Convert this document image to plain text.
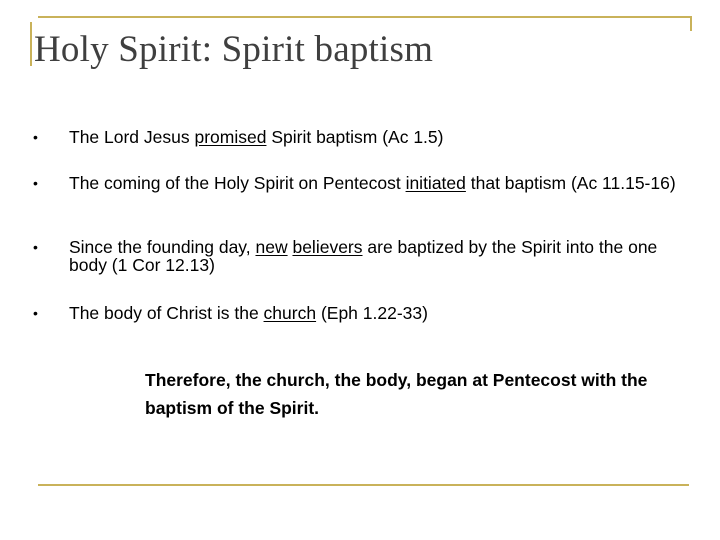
Holy Spirit: Spirit baptism
•	The Lord Jesus promised Spirit baptism (Ac 1.5)
•	The coming of the Holy Spirit on Pentecost initiated that baptism (Ac 11.15-16)
•	Since the founding day, new believers are baptized by the Spirit into the one body (1 Cor 12.13)
•	The body of Christ is the church (Eph 1.22-33)
Therefore, the church, the body, began at Pentecost with the baptism of the Spirit.
